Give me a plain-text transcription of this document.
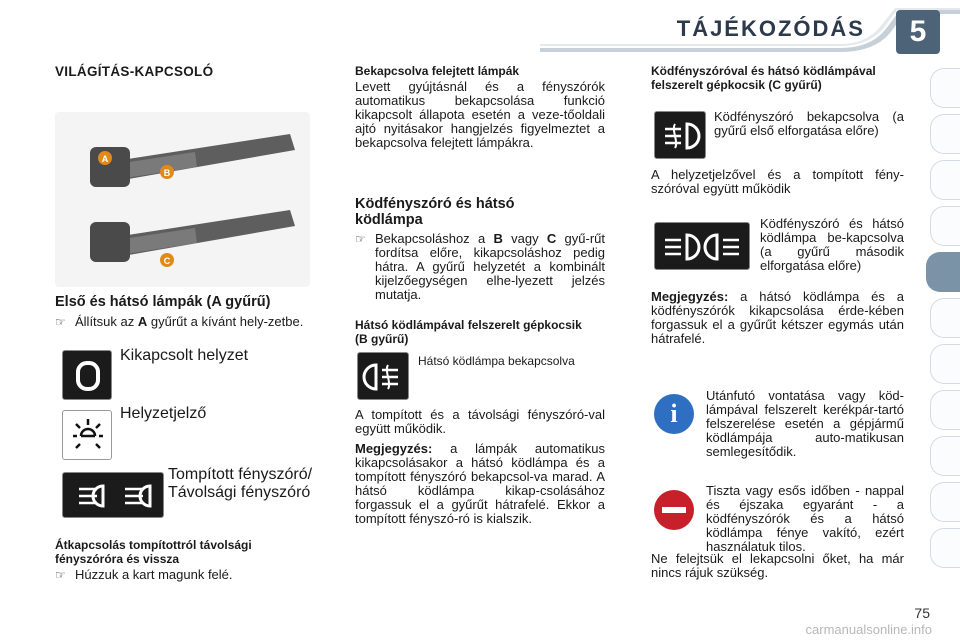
TÁJÉKOZÓDÁS	5
VILÁGÍTÁS-KAPCSOLÓ
A
B
C
Első és hátsó lámpák (A gyűrű)
☞ Állítsuk az A gyűrűt a kívánt hely-zetbe.

Kikapcsolt helyzet
Helyzetjelző
Tompított fényszóró/ Távolsági fényszóró
Átkapcsolás tompítottról távolsági fényszóróra és vissza
☞ Húzzuk a kart magunk felé.

Bekapcsolva felejtett lámpák

Levett gyújtásnál és a fényszórók automatikus bekapcsolása funkció kikapcsolt állapota esetén a veze-tőoldali ajtó nyitásakor hangjelzés figyelmeztet a bekapcsolva felejtett lámpákra.

Ködfényszóró és hátsó ködlámpa
☞ Bekapcsoláshoz a B vagy C gyű-rűt fordítsa előre, kikapcsoláshoz pedig hátra. A gyűrű helyzetét a kombinált kijelzőegységen elhe-lyezett jelzés mutatja.

Hátsó ködlámpával felszerelt gépkocsik (B gyűrű)
Hátsó ködlámpa bekapcsolva

A tompított és a távolsági fényszóró-val együtt működik.

Megjegyzés: a lámpák automatikus kikapcsolásakor a hátsó ködlámpa és a tompított fényszóró bekapcsol-va marad. A hátsó ködlámpa kikap-csolásához forgassuk el a gyűrűt hátrafelé. Ekkor a tompított fényszó-ró is kialszik.

Ködfényszóróval és hátsó ködlámpával felszerelt gépkocsik (C gyűrű)

Ködfényszóró bekapcsolva (a gyűrű első elforgatása előre)

A helyzetjelzővel és a tompított fény-szóróval együtt működik

Ködfényszóró és hátsó ködlámpa be-kapcsolva (a gyűrű második elforgatása előre)

Megjegyzés: a hátsó ködlámpa és a ködfényszórók kikapcsolása érde-kében forgassuk el a gyűrűt kétszer egymás után hátrafelé.

i

Utánfutó vontatása vagy köd-lámpával felszerelt kerékpár-tartó felszerelése esetén a gépjármű ködlámpája auto-matikusan semlegesítődik.

Tiszta vagy esős időben - nappal és éjszaka egyaránt - a ködfényszórók és a hátsó ködlámpa fénye vakító, ezért használatuk tilos.

Ne felejtsük el lekapcsolni őket, ha már nincs rájuk szükség.

75
carmanualsonline.info
